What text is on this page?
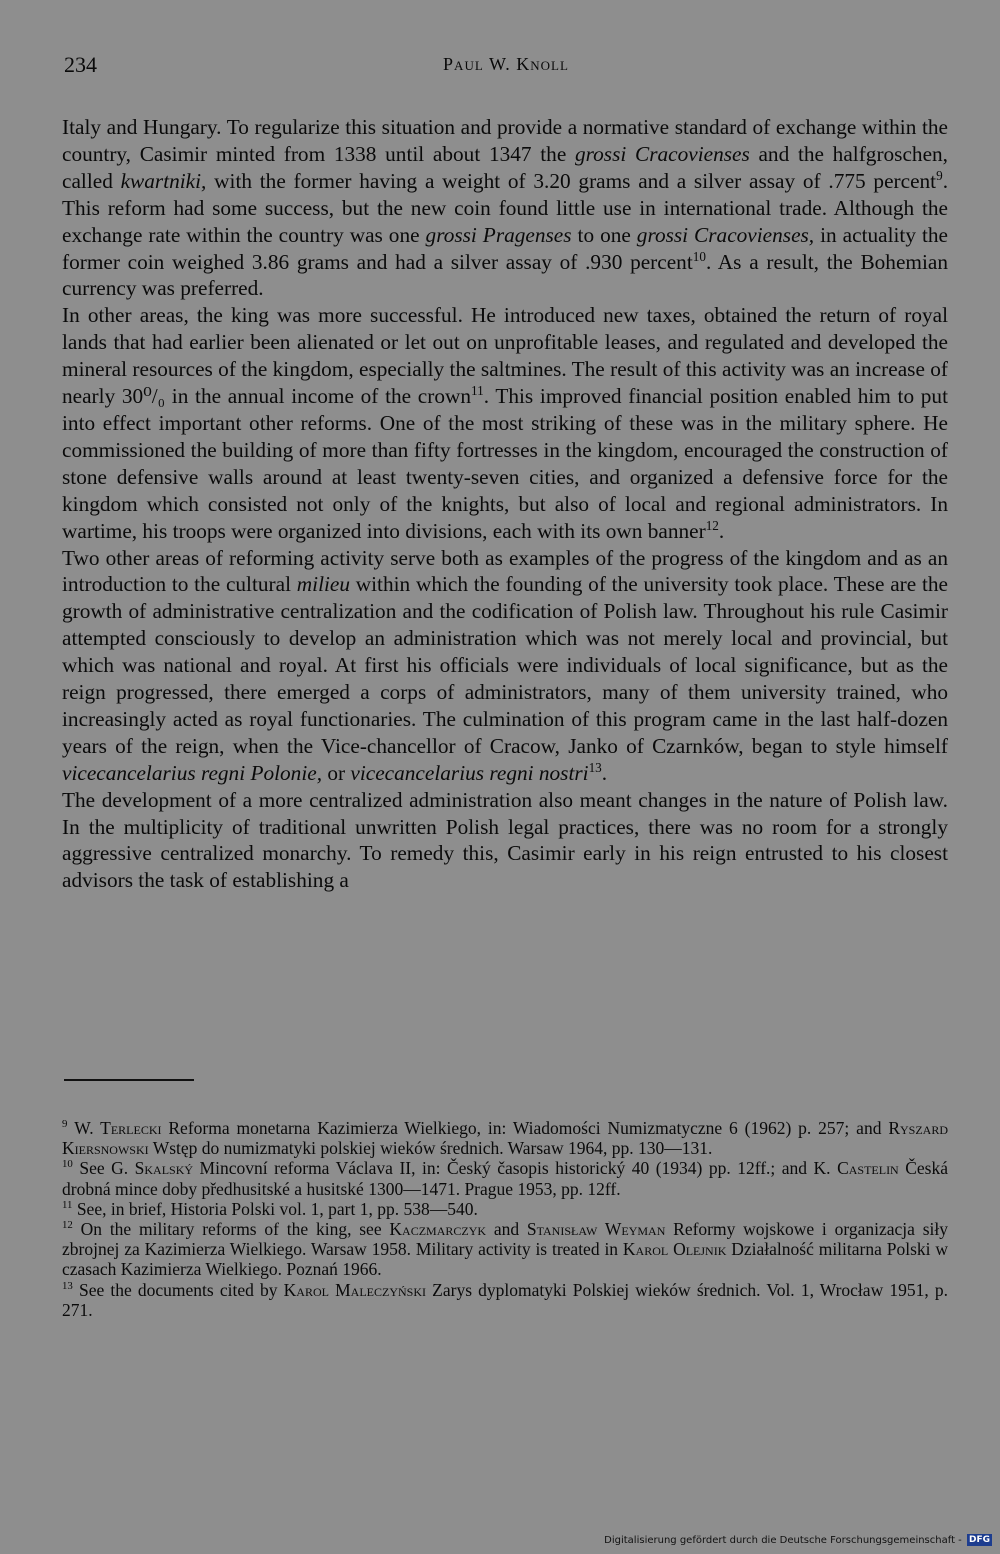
234	Paul W. Knoll

Italy and Hungary. To regularize this situation and provide a normative standard of exchange within the country, Casimir minted from 1338 until about 1347 the grossi Cracovienses and the halfgroschen, called kwartniki, with the former having a weight of 3.20 grams and a silver assay of .775 percent$^9$. This reform had some success, but the new coin found little use in international trade. Although the exchange rate within the country was one grossi Pragenses to one grossi Cracovienses, in actuality the former coin weighed 3.86 grams and had a silver assay of .930 percent$^{10}$. As a result, the Bohemian currency was preferred.

In other areas, the king was more successful. He introduced new taxes, obtained the return of royal lands that had earlier been alienated or let out on unprofitable leases, and regulated and developed the mineral resources of the kingdom, especially the saltmines. The result of this activity was an increase of nearly 30⁰/₀ in the annual income of the crown$^{11}$. This improved financial position enabled him to put into effect important other reforms. One of the most striking of these was in the military sphere. He commissioned the building of more than fifty fortresses in the kingdom, encouraged the construction of stone defensive walls around at least twenty-seven cities, and organized a defensive force for the kingdom which consisted not only of the knights, but also of local and regional administrators. In wartime, his troops were organized into divisions, each with its own banner$^{12}$.

Two other areas of reforming activity serve both as examples of the progress of the kingdom and as an introduction to the cultural milieu within which the founding of the university took place. These are the growth of administrative centralization and the codification of Polish law. Throughout his rule Casimir attempted consciously to develop an administration which was not merely local and provincial, but which was national and royal. At first his officials were individuals of local significance, but as the reign progressed, there emerged a corps of administrators, many of them university trained, who increasingly acted as royal functionaries. The culmination of this program came in the last half-dozen years of the reign, when the Vice-chancellor of Cracow, Janko of Czarnków, began to style himself vicecancelarius regni Polonie, or vicecancelarius regni nostri$^{13}$.

The development of a more centralized administration also meant changes in the nature of Polish law. In the multiplicity of traditional unwritten Polish legal practices, there was no room for a strongly aggressive centralized monarchy. To remedy this, Casimir early in his reign entrusted to his closest advisors the task of establishing a

$^9$ W. Terlecki Reforma monetarna Kazimierza Wielkiego, in: Wiadomości Numizmatyczne 6 (1962) p. 257; and Ryszard Kiersnowski Wstęp do numizmatyki polskiej wieków średnich. Warsaw 1964, pp. 130—131.

$^{10}$ See G. Skalský Mincovní reforma Václava II, in: Český časopis historický 40 (1934) pp. 12ff.; and K. Castelin Česká drobná mince doby předhusitské a husitské 1300—1471. Prague 1953, pp. 12ff.

$^{11}$ See, in brief, Historia Polski vol. 1, part 1, pp. 538—540.

$^{12}$ On the military reforms of the king, see Kaczmarczyk and Stanisław Weyman Reformy wojskowe i organizacja siły zbrojnej za Kazimierza Wielkiego. Warsaw 1958. Military activity is treated in Karol Olejnik Działalność militarna Polski w czasach Kazimierza Wielkiego. Poznań 1966.

$^{13}$ See the documents cited by Karol Maleczyński Zarys dyplomatyki Polskiej wieków średnich. Vol. 1, Wrocław 1951, p. 271.

Digitalisierung gefördert durch die Deutsche Forschungsgemeinschaft - DFG
